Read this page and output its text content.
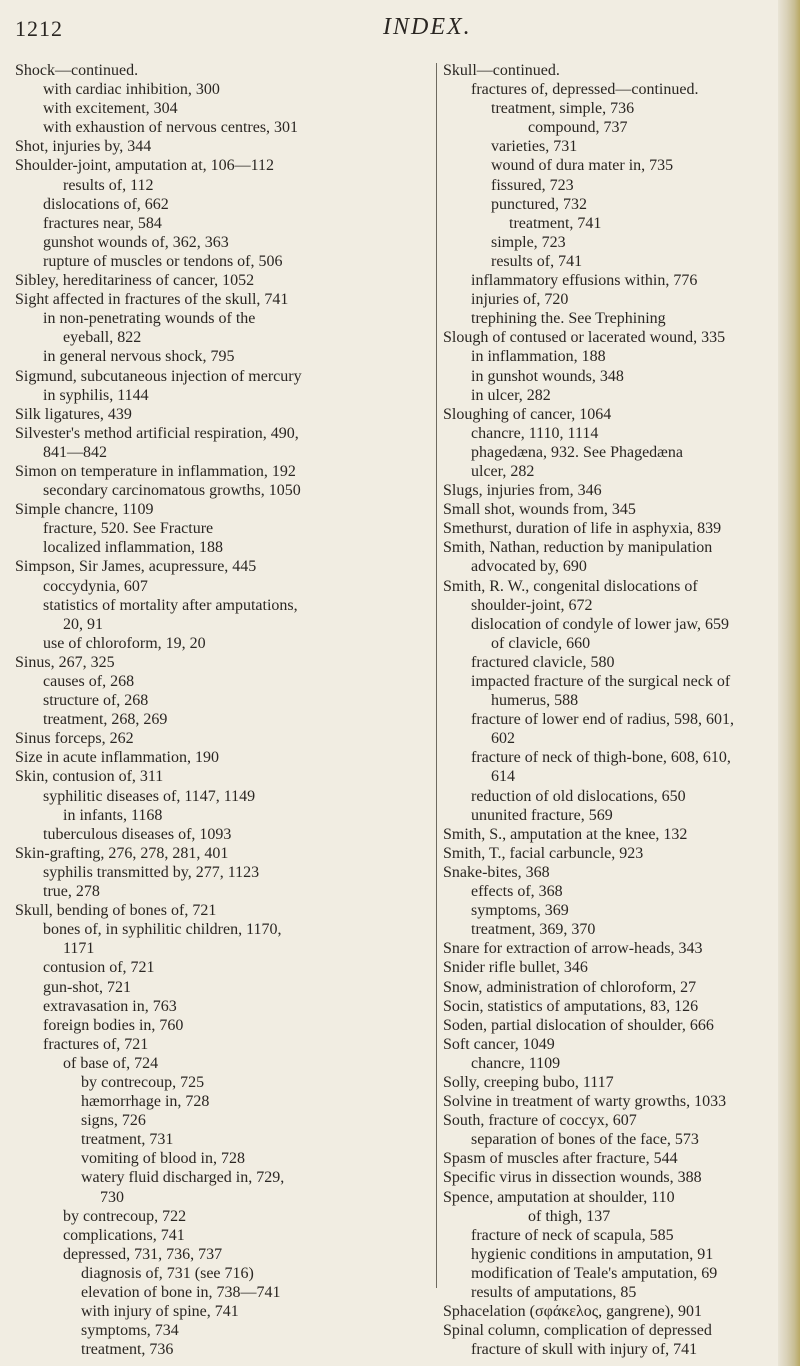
1212	INDEX.
Shock—continued.
with cardiac inhibition, 300
with excitement, 304
with exhaustion of nervous centres, 301
Shot, injuries by, 344
Shoulder-joint, amputation at, 106—112
results of, 112
dislocations of, 662
fractures near, 584
gunshot wounds of, 362, 363
rupture of muscles or tendons of, 506
Sibley, hereditariness of cancer, 1052
Sight affected in fractures of the skull, 741
in non-penetrating wounds of the
eyeball, 822
in general nervous shock, 795
Sigmund, subcutaneous injection of mercury
in syphilis, 1144
Silk ligatures, 439
Silvester's method artificial respiration, 490,
841—842
Simon on temperature in inflammation, 192
secondary carcinomatous growths, 1050
Simple chancre, 1109
fracture, 520. See Fracture
localized inflammation, 188
Simpson, Sir James, acupressure, 445
coccydynia, 607
statistics of mortality after amputations,
20, 91
use of chloroform, 19, 20
Sinus, 267, 325
causes of, 268
structure of, 268
treatment, 268, 269
Sinus forceps, 262
Size in acute inflammation, 190
Skin, contusion of, 311
syphilitic diseases of, 1147, 1149
in infants, 1168
tuberculous diseases of, 1093
Skin-grafting, 276, 278, 281, 401
syphilis transmitted by, 277, 1123
true, 278
Skull, bending of bones of, 721
bones of, in syphilitic children, 1170,
1171
contusion of, 721
gun-shot, 721
extravasation in, 763
foreign bodies in, 760
fractures of, 721
of base of, 724
by contrecoup, 725
hæmorrhage in, 728
signs, 726
treatment, 731
vomiting of blood in, 728
watery fluid discharged in, 729,
730
by contrecoup, 722
complications, 741
depressed, 731, 736, 737
diagnosis of, 731 (see 716)
elevation of bone in, 738—741
with injury of spine, 741
symptoms, 734
treatment, 736
Skull—continued.
fractures of, depressed—continued.
treatment, simple, 736
compound, 737
varieties, 731
wound of dura mater in, 735
fissured, 723
punctured, 732
treatment, 741
simple, 723
results of, 741
inflammatory effusions within, 776
injuries of, 720
trephining the. See Trephining
Slough of contused or lacerated wound, 335
in inflammation, 188
in gunshot wounds, 348
in ulcer, 282
Sloughing of cancer, 1064
chancre, 1110, 1114
phagedæna, 932. See Phagedæna
ulcer, 282
Slugs, injuries from, 346
Small shot, wounds from, 345
Smethurst, duration of life in asphyxia, 839
Smith, Nathan, reduction by manipulation
advocated by, 690
Smith, R. W., congenital dislocations of
shoulder-joint, 672
dislocation of condyle of lower jaw, 659
of clavicle, 660
fractured clavicle, 580
impacted fracture of the surgical neck of
humerus, 588
fracture of lower end of radius, 598, 601,
602
fracture of neck of thigh-bone, 608, 610,
614
reduction of old dislocations, 650
ununited fracture, 569
Smith, S., amputation at the knee, 132
Smith, T., facial carbuncle, 923
Snake-bites, 368
effects of, 368
symptoms, 369
treatment, 369, 370
Snare for extraction of arrow-heads, 343
Snider rifle bullet, 346
Snow, administration of chloroform, 27
Socin, statistics of amputations, 83, 126
Soden, partial dislocation of shoulder, 666
Soft cancer, 1049
chancre, 1109
Solly, creeping bubo, 1117
Solvine in treatment of warty growths, 1033
South, fracture of coccyx, 607
separation of bones of the face, 573
Spasm of muscles after fracture, 544
Specific virus in dissection wounds, 388
Spence, amputation at shoulder, 110
of thigh, 137
fracture of neck of scapula, 585
hygienic conditions in amputation, 91
modification of Teale's amputation, 69
results of amputations, 85
Sphacelation (σφάκελος, gangrene), 901
Spinal column, complication of depressed
fracture of skull with injury of, 741
